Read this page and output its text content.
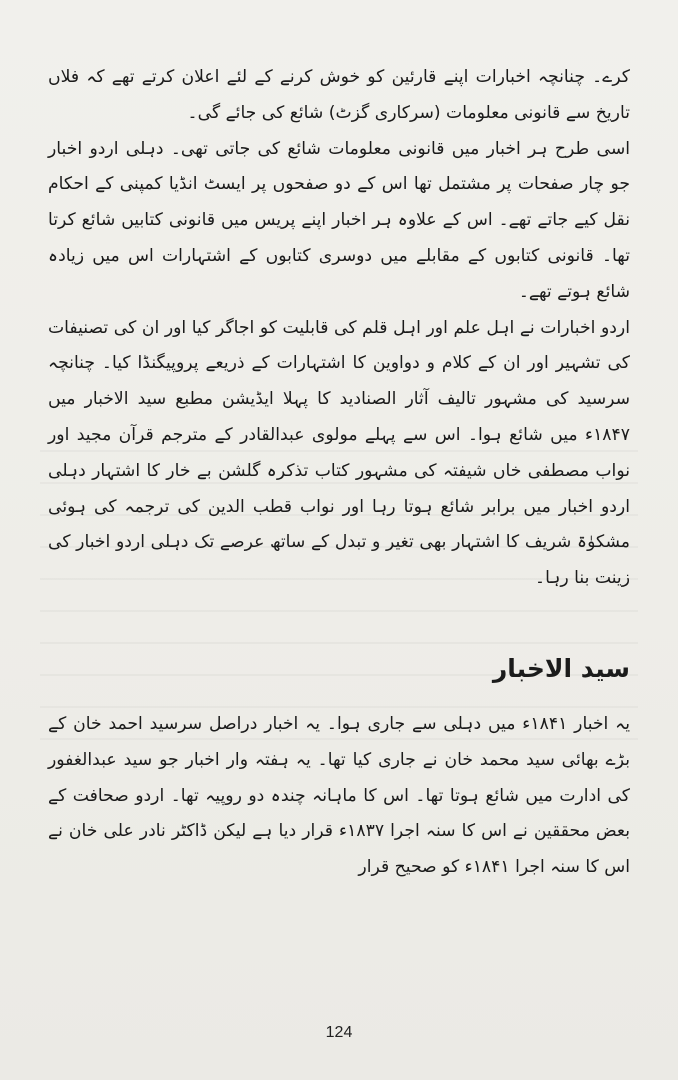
کرے۔ چنانچہ اخبارات اپنے قارئین کو خوش کرنے کے لئے اعلان کرتے تھے کہ فلاں تاریخ سے قانونی معلومات (سرکاری گزٹ) شائع کی جائے گی۔

اسی طرح ہر اخبار میں قانونی معلومات شائع کی جاتی تھی۔ دہلی اردو اخبار جو چار صفحات پر مشتمل تھا اس کے دو صفحوں پر ایسٹ انڈیا کمپنی کے احکام نقل کیے جاتے تھے۔ اس کے علاوہ ہر اخبار اپنے پریس میں قانونی کتابیں شائع کرتا تھا۔ قانونی کتابوں کے مقابلے میں دوسری کتابوں کے اشتہارات اس میں زیادہ شائع ہوتے تھے۔

اردو اخبارات نے اہل علم اور اہل قلم کی قابلیت کو اجاگر کیا اور ان کی تصنیفات کی تشہیر اور ان کے کلام و دواوین کا اشتہارات کے ذریعے پروپیگنڈا کیا۔ چنانچہ سرسید کی مشہور تالیف آثار الصنادید کا پہلا ایڈیشن مطبع سید الاخبار میں ۱۸۴۷ء میں شائع ہوا۔ اس سے پہلے مولوی عبدالقادر کے مترجم قرآن مجید اور نواب مصطفی خاں شیفتہ کی مشہور کتاب تذکرہ گلشن بے خار کا اشتہار دہلی اردو اخبار میں برابر شائع ہوتا رہا اور نواب قطب الدین کی ترجمہ کی ہوئی مشکوٰۃ شریف کا اشتہار بھی تغیر و تبدل کے ساتھ عرصے تک دہلی اردو اخبار کی زینت بنا رہا۔

سید الاخبار

یہ اخبار ۱۸۴۱ء میں دہلی سے جاری ہوا۔ یہ اخبار دراصل سرسید احمد خان کے بڑے بھائی سید محمد خان نے جاری کیا تھا۔ یہ ہفتہ وار اخبار جو سید عبدالغفور کی ادارت میں شائع ہوتا تھا۔ اس کا ماہانہ چندہ دو روپیہ تھا۔ اردو صحافت کے بعض محققین نے اس کا سنہ اجرا ۱۸۳۷ء قرار دیا ہے لیکن ڈاکٹر نادر علی خان نے اس کا سنہ اجرا ۱۸۴۱ء کو صحیح قرار

124
